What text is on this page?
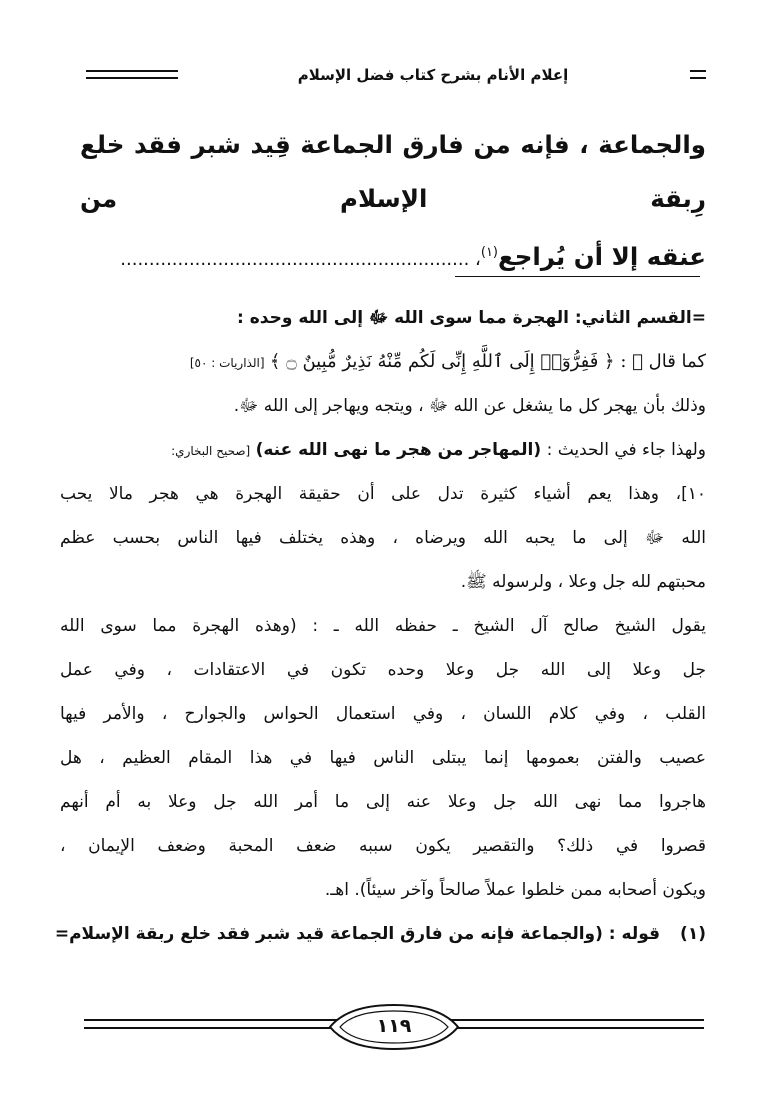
إعلام الأنام بشرح كتاب فضل الإسلام

والجماعة ، فإنه من فارق الجماعة قِيد شبر فقد خلع رِبقة الإسلام من

عنقه إلا أن يُراجع$^{(١)}$، .............................................................

=القسم الثاني: الهجرة مما سوى الله ﷻ إلى الله وحده :
كما قال ﷻ : ﴿ فَفِرُّوٓا۟ إِلَى ٱللَّهِ إِنِّى لَكُم مِّنْهُ نَذِيرٌ مُّبِينٌ ۝ ﴾ [الذاريات : ٥٠]
وذلك بأن يهجر كل ما يشغل عن الله ﷻ ، ويتجه ويهاجر إلى الله ﷻ.
ولهذا جاء في الحديث : (المهاجر من هجر ما نهى الله عنه) [صحيح البخاري:
١٠]، وهذا يعم أشياء كثيرة تدل على أن حقيقة الهجرة هي هجر مالا يحب
الله ﷻ إلى ما يحبه الله ويرضاه ، وهذه يختلف فيها الناس بحسب عظم
محبتهم لله جل وعلا ، ولرسوله ﷺ.
يقول الشيخ صالح آل الشيخ ـ حفظه الله ـ : (وهذه الهجرة مما سوى الله
جل وعلا إلى الله جل وعلا وحده تكون في الاعتقادات ، وفي عمل
القلب ، وفي كلام اللسان ، وفي استعمال الحواس والجوارح ، والأمر فيها
عصيب والفتن بعمومها إنما يبتلى الناس فيها في هذا المقام العظيم ، هل
هاجروا مما نهى الله جل وعلا عنه إلى ما أمر الله جل وعلا به أم أنهم
قصروا في ذلك؟ والتقصير يكون سببه ضعف المحبة وضعف الإيمان ،
ويكون أصحابه ممن خلطوا عملاً صالحاً وآخر سيئاً). اهـ.
(١)قوله : (والجماعة فإنه من فارق الجماعة قيد شبر فقد خلع ربقة الإسلام=
١١٩
